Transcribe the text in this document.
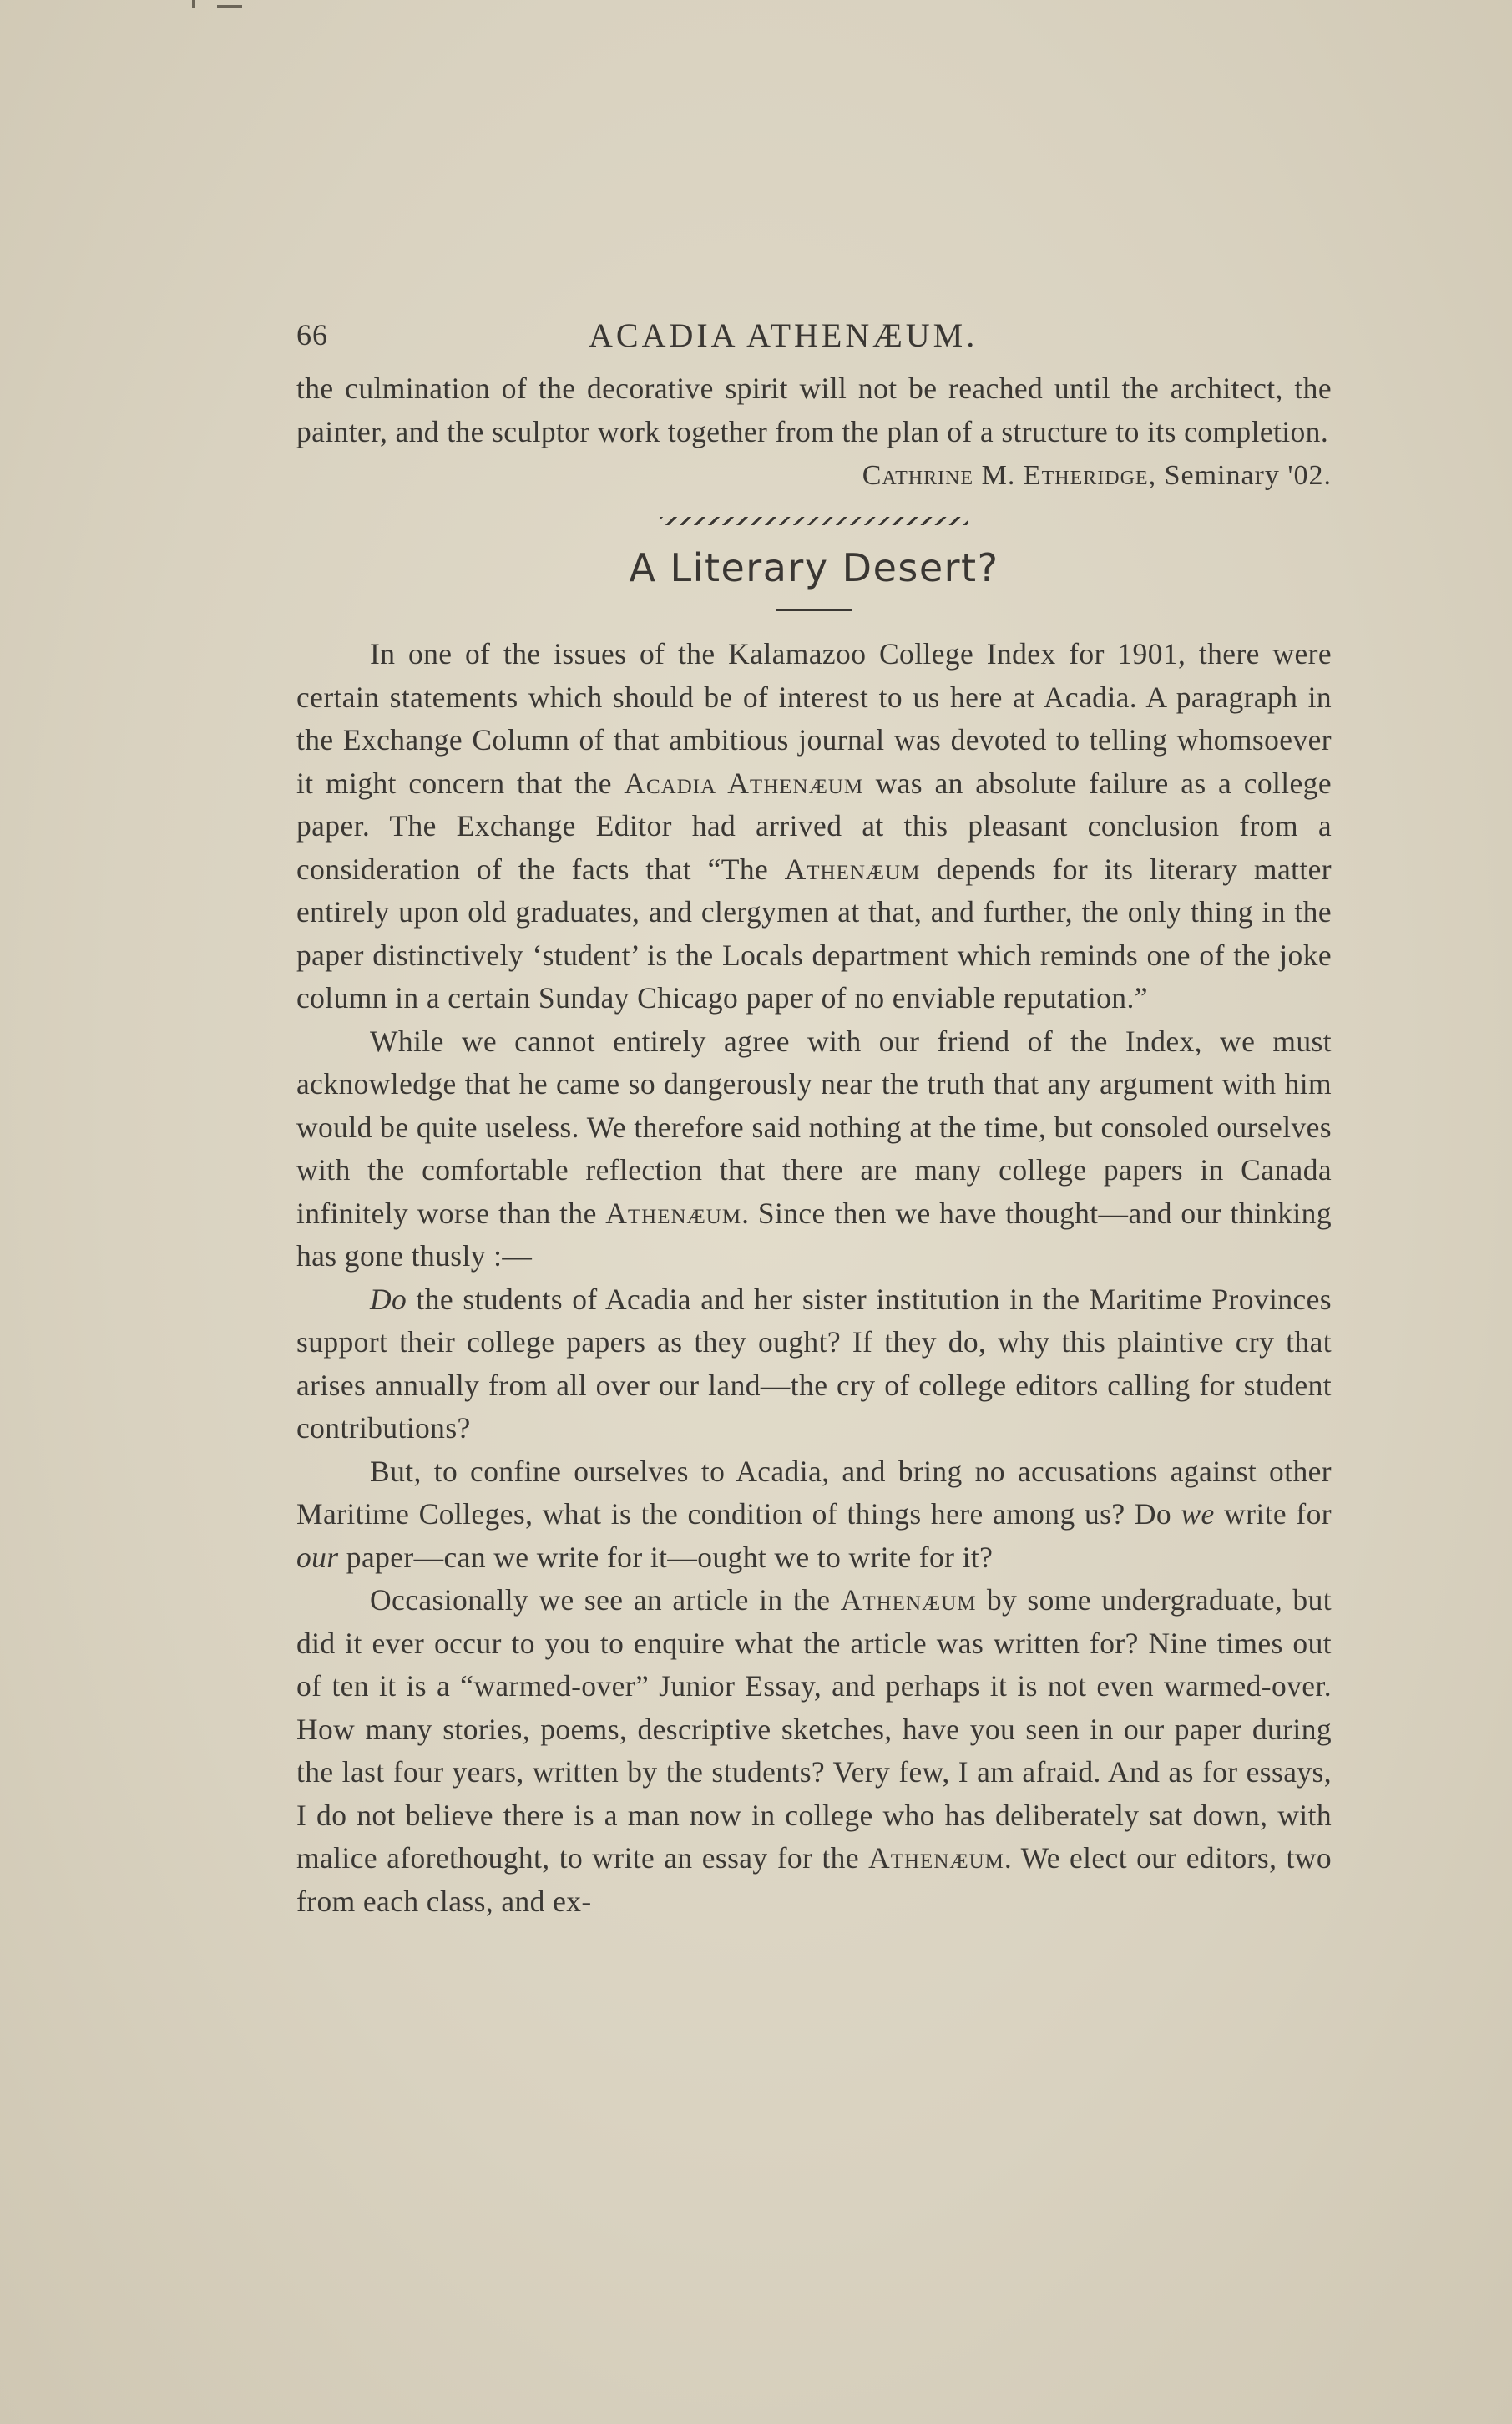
66	ACADIA ATHENÆUM.

the culmination of the decorative spirit will not be reached until the architect, the painter, and the sculptor work together from the plan of a structure to its completion.

Cathrine M. Etheridge, Seminary '02.
A Literary Desert?

In one of the issues of the Kalamazoo College Index for 1901, there were certain statements which should be of interest to us here at Acadia. A paragraph in the Exchange Column of that ambitious journal was devoted to telling whomsoever it might concern that the Acadia Athenæum was an absolute failure as a college paper. The Exchange Editor had arrived at this pleasant conclusion from a consideration of the facts that “The Athenæum depends for its literary matter entirely upon old graduates, and clergymen at that, and further, the only thing in the paper distinctively ‘student’ is the Locals department which reminds one of the joke column in a certain Sunday Chicago paper of no enviable reputation.”

While we cannot entirely agree with our friend of the Index, we must acknowledge that he came so dangerously near the truth that any argument with him would be quite useless. We therefore said nothing at the time, but consoled ourselves with the comfortable reflection that there are many college papers in Canada infinitely worse than the Athenæum. Since then we have thought—and our thinking has gone thusly :—

Do the students of Acadia and her sister institution in the Maritime Provinces support their college papers as they ought? If they do, why this plaintive cry that arises annually from all over our land—the cry of college editors calling for student contributions?

But, to confine ourselves to Acadia, and bring no accusations against other Maritime Colleges, what is the condition of things here among us? Do we write for our paper—can we write for it—ought we to write for it?

Occasionally we see an article in the Athenæum by some undergraduate, but did it ever occur to you to enquire what the article was written for? Nine times out of ten it is a “warmed-over” Junior Essay, and perhaps it is not even warmed-over. How many stories, poems, descriptive sketches, have you seen in our paper during the last four years, written by the students? Very few, I am afraid. And as for essays, I do not believe there is a man now in college who has deliberately sat down, with malice aforethought, to write an essay for the Athenæum. We elect our editors, two from each class, and ex-
